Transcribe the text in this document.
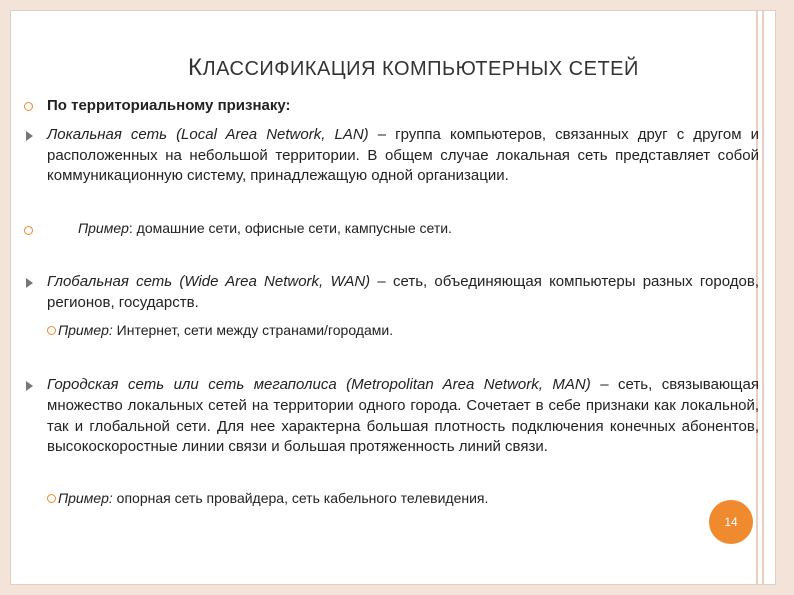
КЛАССИФИКАЦИЯ КОМПЬЮТЕРНЫХ СЕТЕЙ
По территориальному признаку:
Локальная сеть (Local Area Network, LAN) – группа компьютеров, связанных друг с другом и расположенных на небольшой территории. В общем случае локальная сеть представляет собой коммуникационную систему, принадлежащую одной организации.
Пример: домашние сети, офисные сети, кампусные сети.
Глобальная сеть (Wide Area Network, WAN) – сеть, объединяющая компьютеры разных городов, регионов, государств.
Пример: Интернет, сети между странами/городами.
Городская сеть или сеть мегаполиса (Metropolitan Area Network, MAN) – сеть, связывающая множество локальных сетей на территории одного города. Сочетает в себе признаки как локальной, так и глобальной сети. Для нее характерна большая плотность подключения конечных абонентов, высокоскоростные линии связи и большая протяженность линий связи.
Пример: опорная сеть провайдера, сеть кабельного телевидения.
14
